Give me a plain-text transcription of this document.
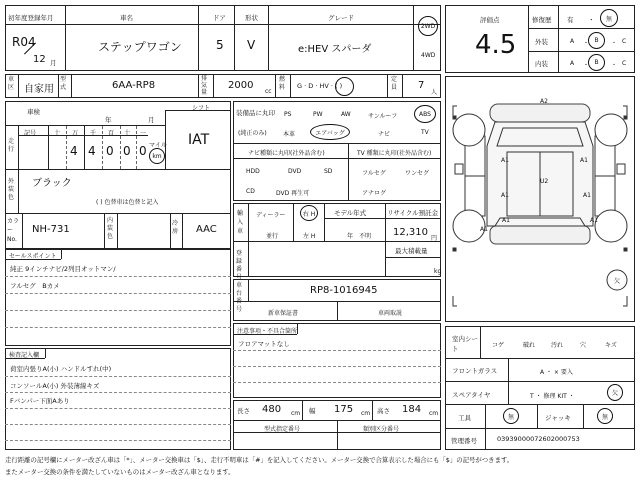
初年度登録年月
R04
12 月
車名
ステップワゴン
ドア
5
形状
V
グレード
e:HEV スパーダ
2WD
4WD
車区 自家用
型式	6AA-RP8
排気量
2000
cc
燃料	G · D · HV · ( )
定員 7
人
車検
年	月
シフト
IAT
走行
記号	十 万 千 百 十 一
4 4 0 0 0 マイル
km
外装色
ブラック
( ) 色替車は色替と記入
カラーNo.
NH-731
内装色
冷房 AAC
装備品に丸印
(純正のみ)
PS	PW	AW	サンルーフ	ABS
本革	エアバッグ	ナビ	TV
ナビ種類に丸印(社外品含む)	TV 種類に丸印(社外品含む)
HDD	DVD	SD
CD	DVD 再生可
フルセグ	ワンセグ
アナログ
輸入車
ディーラー
並行
右 H
左 H
モデル年式
年　不明
リサイクル預託金
12,310
円
最大積載量
kg
登録番号
セールスポイント
純正 9インチナビ/2列目オットマン/
フルセグ　Bカメ	車台番号
RP8-1016945
新車保証書	車両取説
検査記入欄
荷室内張りA(小) ハンドルすれ(中)
コンソールA(小) 外装薄線キズ
Fバンパー下面Aあり
注意事項・不具合箇所
フロアマットなし
長さ 480 cm 幅 175 cm 高さ 184 cm
型式指定番号	類別区分番号
評価点
4.5
修復歴 有 ・ 無
外装	A ・ B ・ C
内装	A ・ B ・ C
A2
A1	A1
U2
A1	A1
A1
A1	A1
欠
室内シート	コゲ	破れ	汚れ	穴	キズ
フロントガラス	A ・ × 要入
スペアタイヤ	T ・ 修理 KIT ・	欠
工具	無	ジャッキ	無
管理番号	03939000072602000753
走行距離の記号欄にメーター改ざん車は「*」、メーター交換車は「$」、走行不明車は「#」を記入してください。メーター交換で合算表示した場合にも「$」の記号がつきます。
またメーター交換の条件を満たしていないものはメーター改ざん車となります。
